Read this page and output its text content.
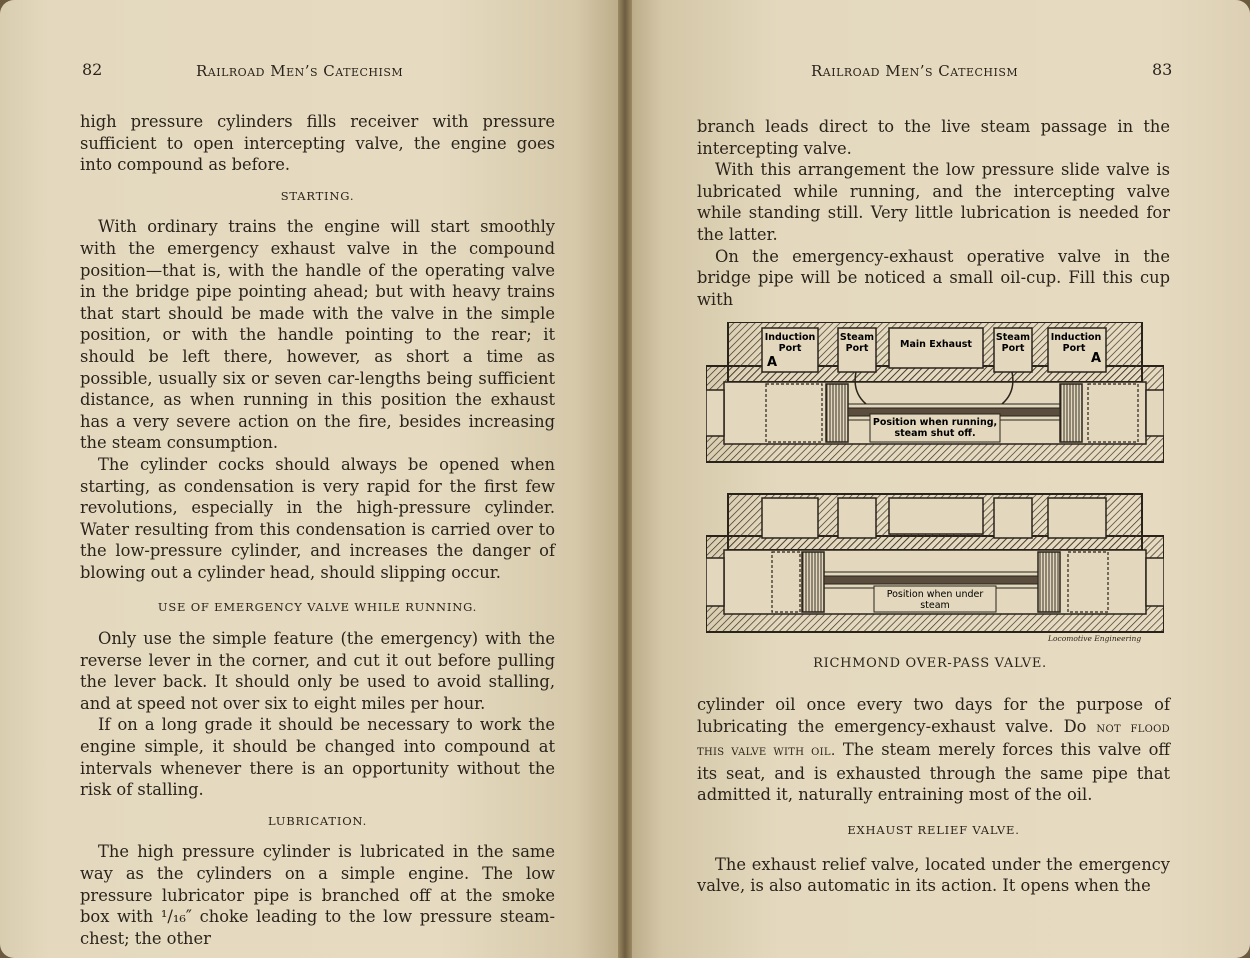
82	Railroad Men’s Catechism

high pressure cylinders fills receiver with pressure sufficient to open intercepting valve, the engine goes into compound as before.

STARTING.

With ordinary trains the engine will start smoothly with the emergency exhaust valve in the compound position—that is, with the handle of the operating valve in the bridge pipe pointing ahead; but with heavy trains that start should be made with the valve in the simple position, or with the handle pointing to the rear; it should be left there, however, as short a time as possible, usually six or seven car-lengths being sufficient distance, as when running in this position the exhaust has a very severe action on the fire, besides increasing the steam consumption.

The cylinder cocks should always be opened when starting, as condensation is very rapid for the first few revolutions, especially in the high-pressure cylinder. Water resulting from this condensation is carried over to the low-pressure cylinder, and increases the danger of blowing out a cylinder head, should slipping occur.

USE OF EMERGENCY VALVE WHILE RUNNING.

Only use the simple feature (the emergency) with the reverse lever in the corner, and cut it out before pulling the lever back. It should only be used to avoid stalling, and at speed not over six to eight miles per hour.

If on a long grade it should be necessary to work the engine simple, it should be changed into compound at intervals whenever there is an opportunity without the risk of stalling.

LUBRICATION.

The high pressure cylinder is lubricated in the same way as the cylinders on a simple engine. The low pressure lubricator pipe is branched off at the smoke box with ¹/₁₆″ choke leading to the low pressure steam-chest; the other

Railroad Men’s Catechism	83

branch leads direct to the live steam passage in the intercepting valve.

With this arrangement the low pressure slide valve is lubricated while running, and the intercepting valve while standing still. Very little lubrication is needed for the latter.

On the emergency-exhaust operative valve in the bridge pipe will be noticed a small oil-cup. Fill this cup with

Induction
Port
A
Steam
Port	Main Exhaust
Steam
Port
Induction
Port
A
Position when running,
steam shut off.
Position when under
steam
Locomotive Engineering
RICHMOND OVER-PASS VALVE.

cylinder oil once every two days for the purpose of lubricating the emergency-exhaust valve. Do not flood this valve with oil. The steam merely forces this valve off its seat, and is exhausted through the same pipe that admitted it, naturally entraining most of the oil.

EXHAUST RELIEF VALVE.

The exhaust relief valve, located under the emergency valve, is also automatic in its action. It opens when the
